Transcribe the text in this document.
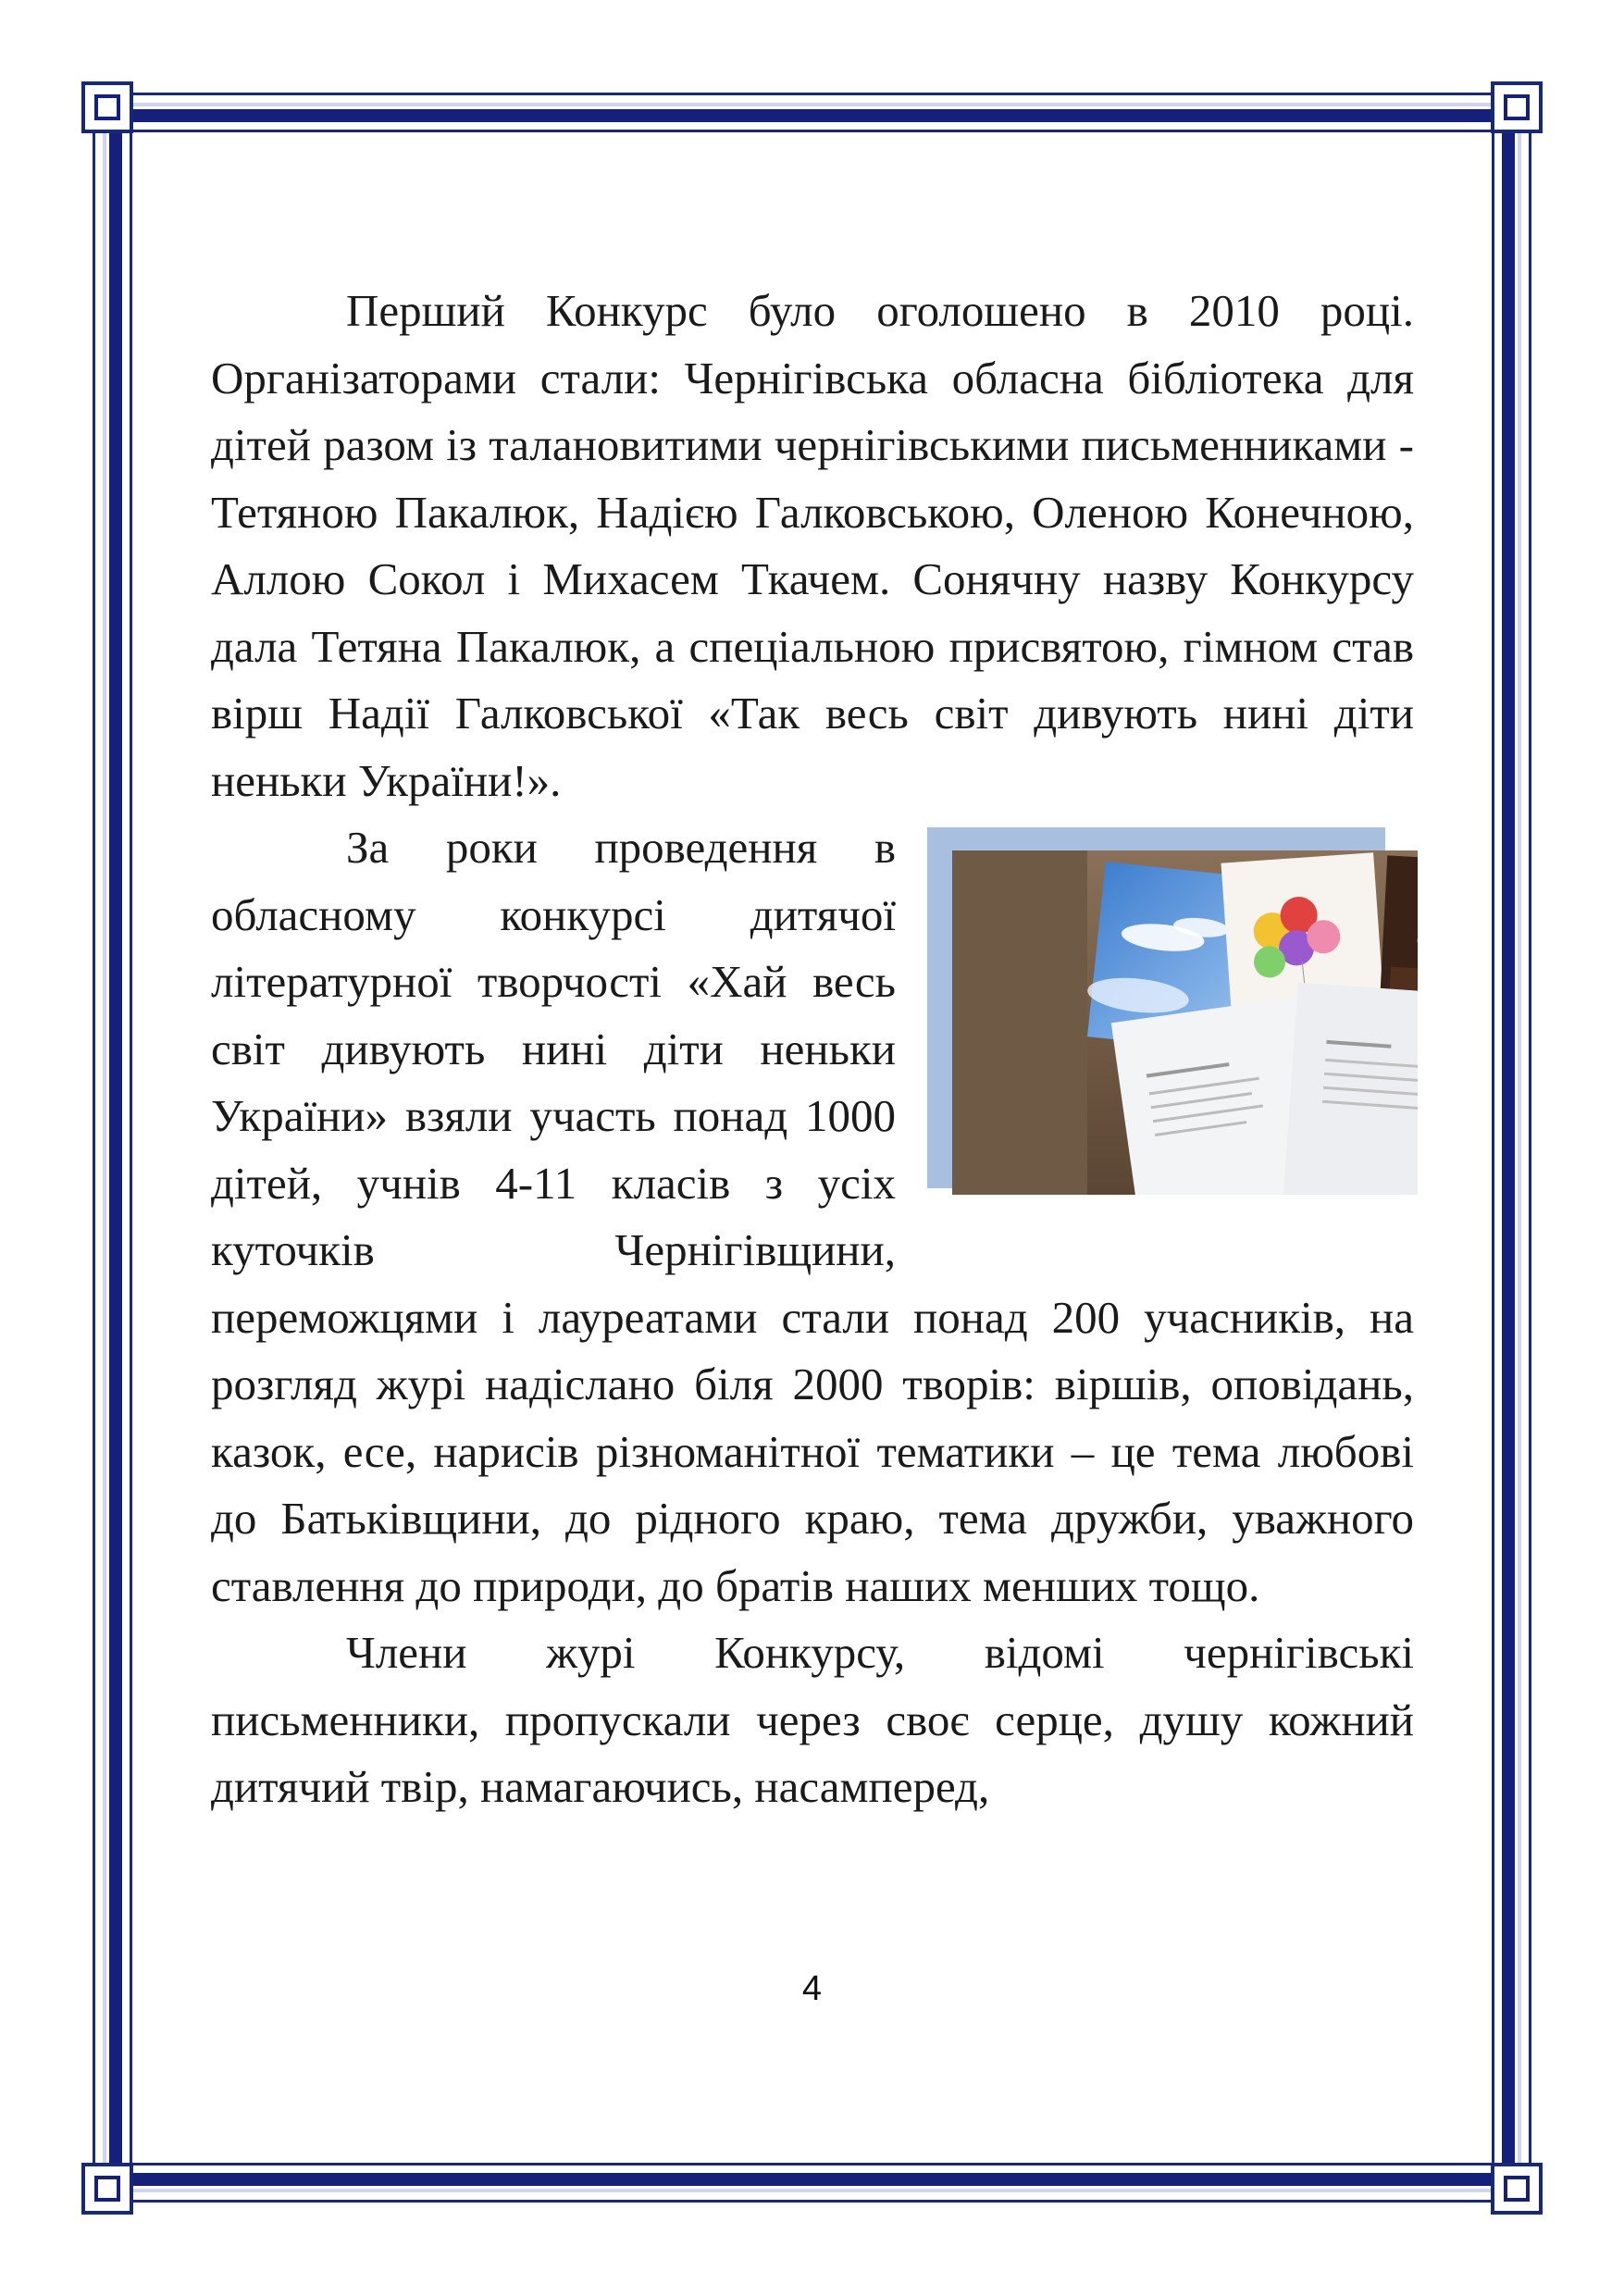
Перший Конкурс було оголошено в 2010 році. Організаторами стали: Чернігівська обласна бібліотека для дітей разом із талановитими чернігівськими письменниками - Тетяною Пакалюк, Надією Галковською, Оленою Конечною, Аллою Сокол і Михасем Ткачем. Сонячну назву Конкурсу дала Тетяна Пакалюк, а спеціальною присвятою, гімном став вірш Надії Галковської «Так весь світ дивують нині діти неньки України!».

За роки проведення в обласному конкурсі дитячої літературної творчості «Хай весь світ дивують нині діти неньки України» взяли участь понад 1000 дітей, учнів 4-11 класів з усіх куточків Чернігівщини, переможцями і лауреатами стали понад 200 учасників, на розгляд журі надіслано біля 2000 творів: віршів, оповідань, казок, есе, нарисів різноманітної тематики – це тема любові до Батьківщини, до рідного краю, тема дружби, уважного ставлення до природи, до братів наших менших тощо.

Члени журі Конкурсу, відомі чернігівські письменники, пропускали через своє серце, душу кожний дитячий твір, намагаючись, насамперед,

4
